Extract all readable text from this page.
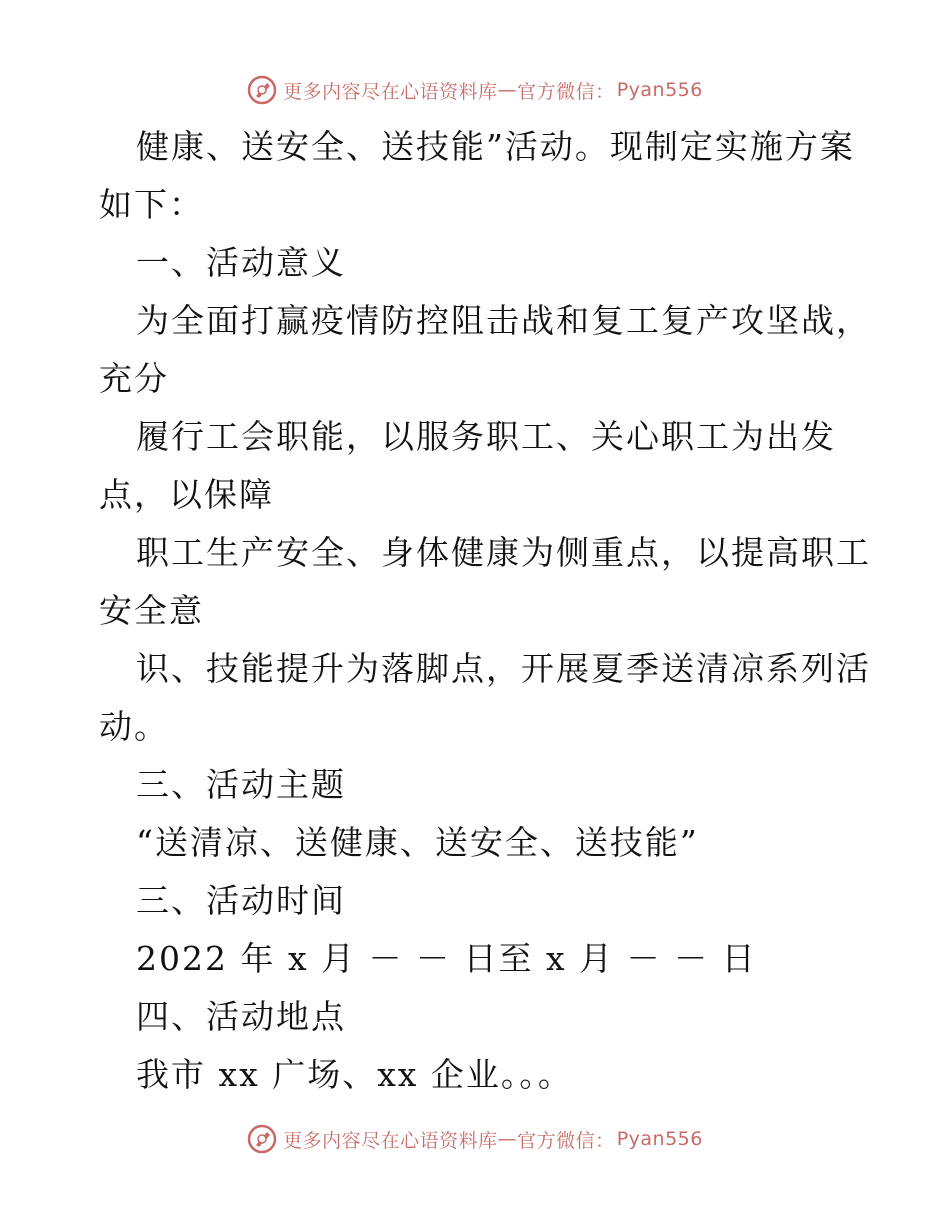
更多内容尽在心语资料库 — 官方微信： Pyan556
健康、送安全、送技能”活动。现制定实施方案
如下：
一、活动意义
为全面打赢疫情防控阻击战和复工复产攻坚战，
充分
履行工会职能，以服务职工、关心职工为出发
点，以保障
职工生产安全、身体健康为侧重点，以提高职工
安全意
识、技能提升为落脚点，开展夏季送清凉系列活
动。
三、活动主题
“送清凉、送健康、送安全、送技能”
三、活动时间
2022 年 x 月 － － 日至 x 月 － － 日
四、活动地点
我市 xx 广场、xx 企业。。。
更多内容尽在心语资料库 — 官方微信： Pyan556
